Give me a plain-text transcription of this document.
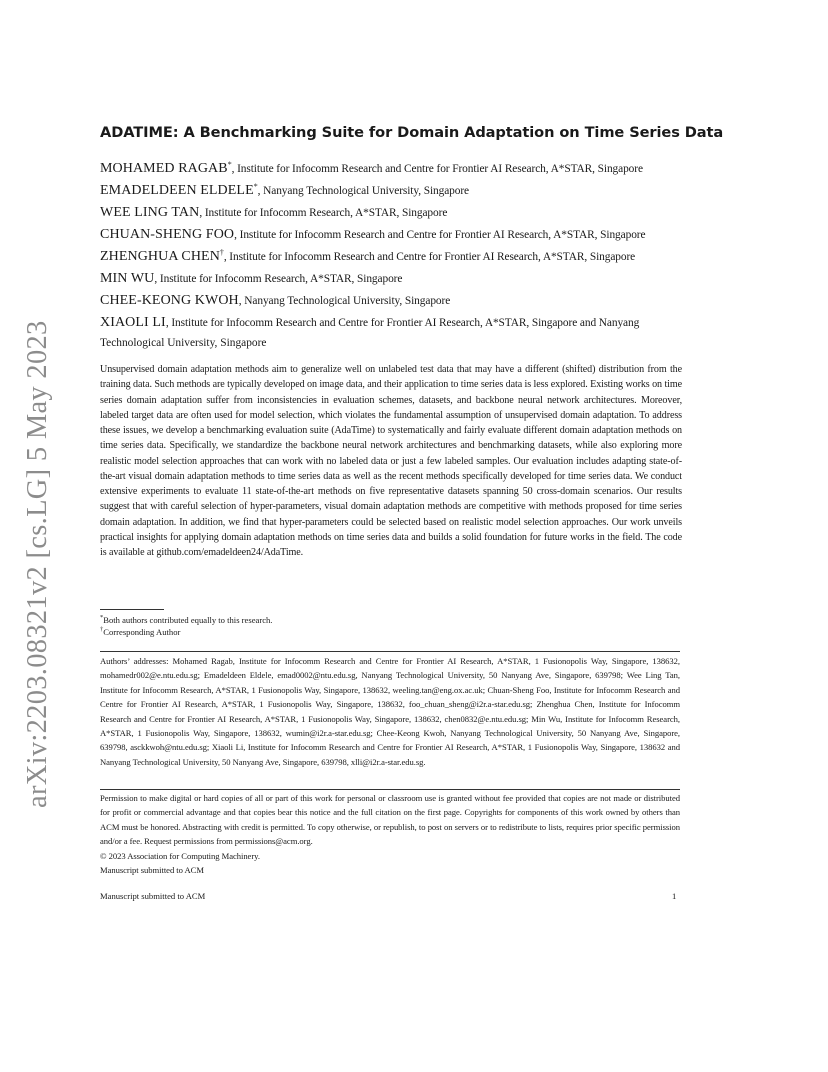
arXiv:2203.08321v2 [cs.LG] 5 May 2023
ADATIME: A Benchmarking Suite for Domain Adaptation on Time Series Data
MOHAMED RAGAB*, Institute for Infocomm Research and Centre for Frontier AI Research, A*STAR, Singapore
EMADELDEEN ELDELE*, Nanyang Technological University, Singapore
WEE LING TAN, Institute for Infocomm Research, A*STAR, Singapore
CHUAN-SHENG FOO, Institute for Infocomm Research and Centre for Frontier AI Research, A*STAR, Singapore
ZHENGHUA CHEN†, Institute for Infocomm Research and Centre for Frontier AI Research, A*STAR, Singapore
MIN WU, Institute for Infocomm Research, A*STAR, Singapore
CHEE-KEONG KWOH, Nanyang Technological University, Singapore
XIAOLI LI, Institute for Infocomm Research and Centre for Frontier AI Research, A*STAR, Singapore and Nanyang
Technological University, Singapore

Unsupervised domain adaptation methods aim to generalize well on unlabeled test data that may have a different (shifted) distribution from the training data. Such methods are typically developed on image data, and their application to time series data is less explored. Existing works on time series domain adaptation suffer from inconsistencies in evaluation schemes, datasets, and backbone neural network architectures. Moreover, labeled target data are often used for model selection, which violates the fundamental assumption of unsupervised domain adaptation. To address these issues, we develop a benchmarking evaluation suite (AdaTime) to systematically and fairly evaluate different domain adaptation methods on time series data. Specifically, we standardize the backbone neural network architectures and benchmarking datasets, while also exploring more realistic model selection approaches that can work with no labeled data or just a few labeled samples. Our evaluation includes adapting state-of-the-art visual domain adaptation methods to time series data as well as the recent methods specifically developed for time series data. We conduct extensive experiments to evaluate 11 state-of-the-art methods on five representative datasets spanning 50 cross-domain scenarios. Our results suggest that with careful selection of hyper-parameters, visual domain adaptation methods are competitive with methods proposed for time series domain adaptation. In addition, we find that hyper-parameters could be selected based on realistic model selection approaches. Our work unveils practical insights for applying domain adaptation methods on time series data and builds a solid foundation for future works in the field. The code is available at github.com/emadeldeen24/AdaTime.

*Both authors contributed equally to this research.
†Corresponding Author

Authors’ addresses: Mohamed Ragab, Institute for Infocomm Research and Centre for Frontier AI Research, A*STAR, 1 Fusionopolis Way, Singapore, 138632, mohamedr002@e.ntu.edu.sg; Emadeldeen Eldele, emad0002@ntu.edu.sg, Nanyang Technological University, 50 Nanyang Ave, Singapore, 639798; Wee Ling Tan, Institute for Infocomm Research, A*STAR, 1 Fusionopolis Way, Singapore, 138632, weeling.tan@eng.ox.ac.uk; Chuan-Sheng Foo, Institute for Infocomm Research and Centre for Frontier AI Research, A*STAR, 1 Fusionopolis Way, Singapore, 138632, foo_chuan_sheng@i2r.a-star.edu.sg; Zhenghua Chen, Institute for Infocomm Research and Centre for Frontier AI Research, A*STAR, 1 Fusionopolis Way, Singapore, 138632, chen0832@e.ntu.edu.sg; Min Wu, Institute for Infocomm Research, A*STAR, 1 Fusionopolis Way, Singapore, 138632, wumin@i2r.a-star.edu.sg; Chee-Keong Kwoh, Nanyang Technological University, 50 Nanyang Ave, Singapore, 639798, asckkwoh@ntu.edu.sg; Xiaoli Li, Institute for Infocomm Research and Centre for Frontier AI Research, A*STAR, 1 Fusionopolis Way, Singapore, 138632 and Nanyang Technological University, 50 Nanyang Ave, Singapore, 639798, xlli@i2r.a-star.edu.sg.

Permission to make digital or hard copies of all or part of this work for personal or classroom use is granted without fee provided that copies are not made or distributed for profit or commercial advantage and that copies bear this notice and the full citation on the first page. Copyrights for components of this work owned by others than ACM must be honored. Abstracting with credit is permitted. To copy otherwise, or republish, to post on servers or to redistribute to lists, requires prior specific permission and/or a fee. Request permissions from permissions@acm.org.

© 2023 Association for Computing Machinery.

Manuscript submitted to ACM

Manuscript submitted to ACM	1
